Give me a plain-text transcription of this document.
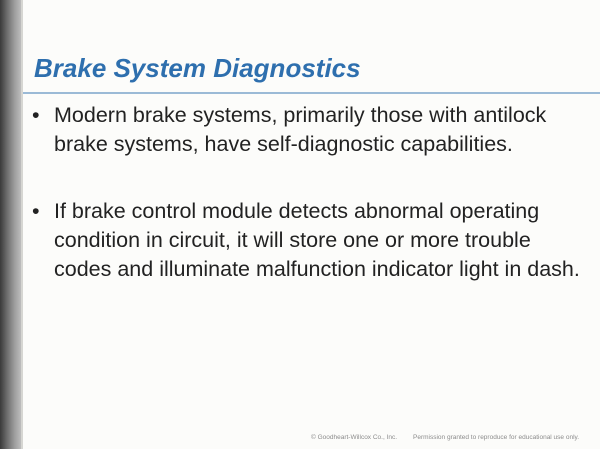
Brake System Diagnostics
• Modern brake systems, primarily those with antilock brake systems, have self-diagnostic capabilities.
• If brake control module detects abnormal operating condition in circuit, it will store one or more trouble codes and illuminate malfunction indicator light in dash.
© Goodheart-Willcox Co., Inc. Permission granted to reproduce for educational use only.
